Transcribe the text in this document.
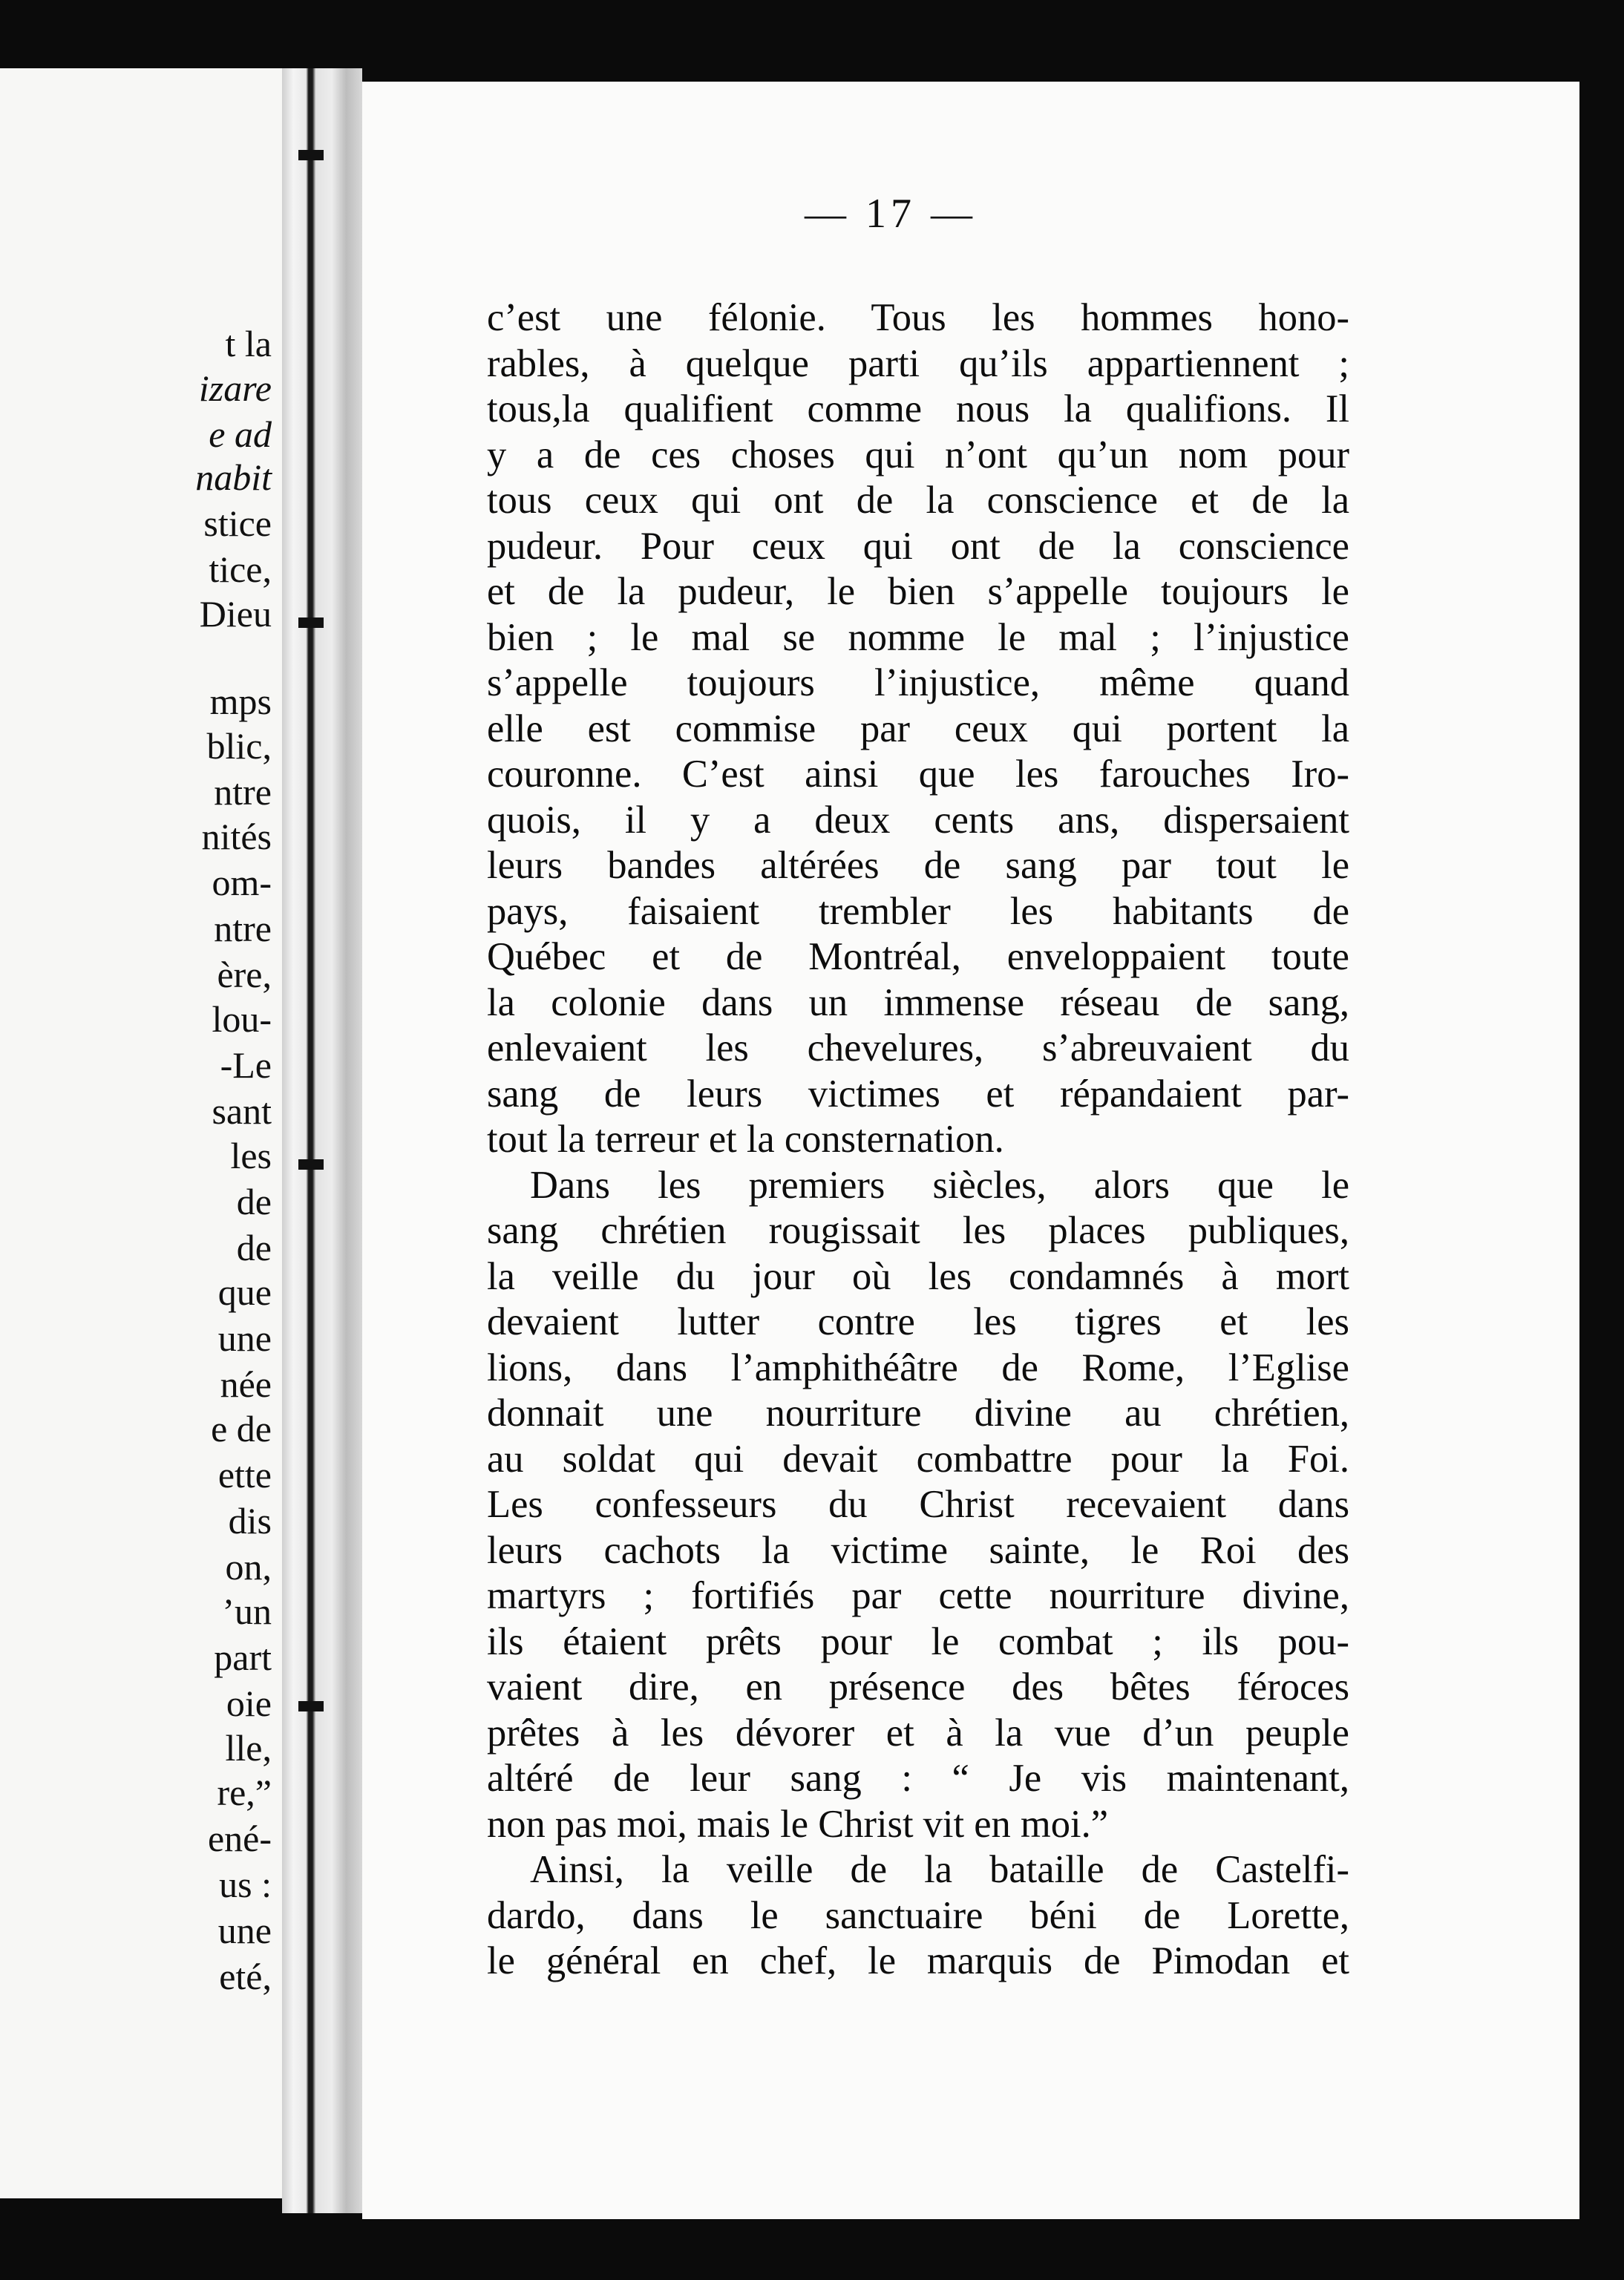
t la

izare

e ad

nabit

stice

tice,

Dieu

mps

blic,

ntre

nités

om-

ntre

ère,

lou-

-Le

sant

les

de

de

que

une

née

e de

ette

dis

on,

’un

part

oie

lle,

re,”

ené-

us :

une

eté,

— 17 —
c’est une félonie. Tous les hommes hono-
rables, à quelque parti qu’ils appartiennent ;
tous,la qualifient comme nous la qualifions. Il
y a de ces choses qui n’ont qu’un nom pour
tous ceux qui ont de la conscience et de la
pudeur. Pour ceux qui ont de la conscience
et de la pudeur, le bien s’appelle toujours le
bien ; le mal se nomme le mal ; l’injustice
s’appelle toujours l’injustice, même quand
elle est commise par ceux qui portent la
couronne. C’est ainsi que les farouches Iro-
quois, il y a deux cents ans, dispersaient
leurs bandes altérées de sang par tout le
pays, faisaient trembler les habitants de
Québec et de Montréal, enveloppaient toute
la colonie dans un immense réseau de sang,
enlevaient les chevelures, s’abreuvaient du
sang de leurs victimes et répandaient par-
tout la terreur et la consternation.
Dans les premiers siècles, alors que le
sang chrétien rougissait les places publiques,
la veille du jour où les condamnés à mort
devaient lutter contre les tigres et les
lions, dans l’amphithéâtre de Rome, l’Eglise
donnait une nourriture divine au chrétien,
au soldat qui devait combattre pour la Foi.
Les confesseurs du Christ recevaient dans
leurs cachots la victime sainte, le Roi des
martyrs ; fortifiés par cette nourriture divine,
ils étaient prêts pour le combat ; ils pou-
vaient dire, en présence des bêtes féroces
prêtes à les dévorer et à la vue d’un peuple
altéré de leur sang : “ Je vis maintenant,
non pas moi, mais le Christ vit en moi.”
Ainsi, la veille de la bataille de Castelfi-
dardo, dans le sanctuaire béni de Lorette,
le général en chef, le marquis de Pimodan et
